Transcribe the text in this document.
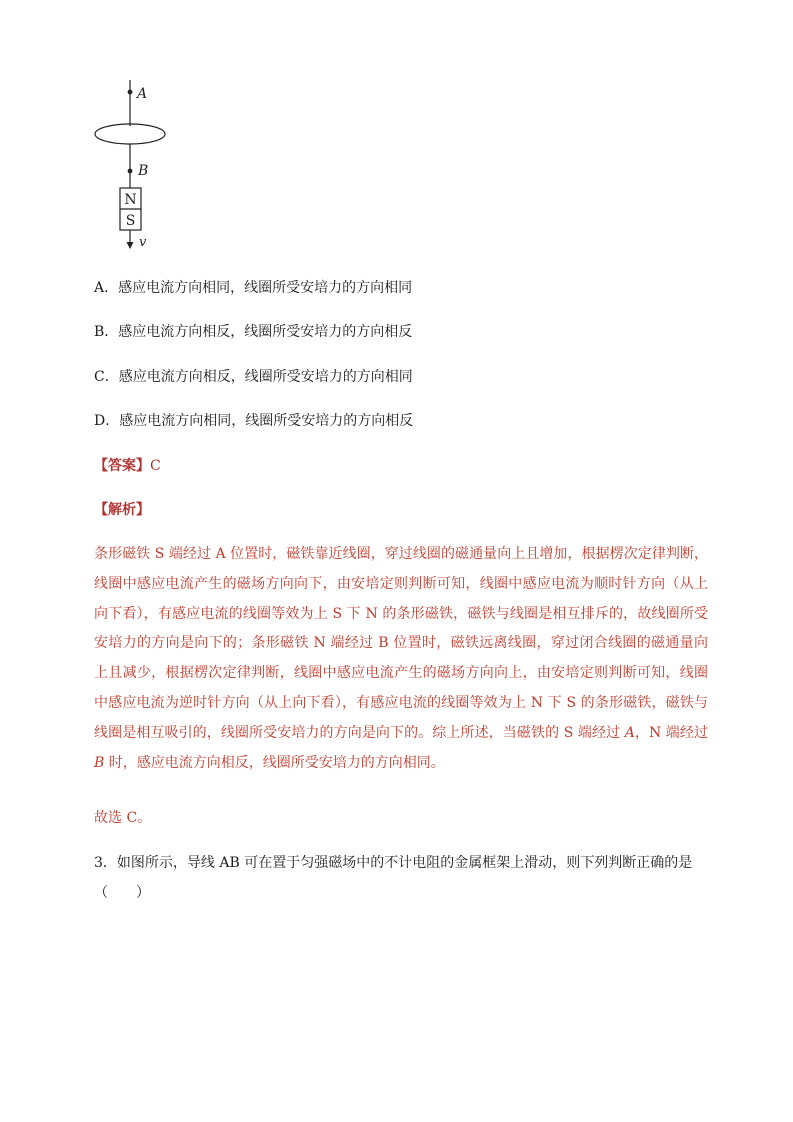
A
B
N
S
v
A．感应电流方向相同，线圈所受安培力的方向相同
B．感应电流方向相反，线圈所受安培力的方向相反
C．感应电流方向相反，线圈所受安培力的方向相同
D．感应电流方向相同，线圈所受安培力的方向相反
【答案】C
【解析】
条形磁铁 S 端经过 A 位置时，磁铁靠近线圈，穿过线圈的磁通量向上且增加，根据楞次定律判断，线圈中感应电流产生的磁场方向向下，由安培定则判断可知，线圈中感应电流为顺时针方向（从上向下看），有感应电流的线圈等效为上 S 下 N 的条形磁铁，磁铁与线圈是相互排斥的，故线圈所受安培力的方向是向下的；条形磁铁 N 端经过 B 位置时，磁铁远离线圈，穿过闭合线圈的磁通量向上且减少，根据楞次定律判断，线圈中感应电流产生的磁场方向向上，由安培定则判断可知，线圈中感应电流为逆时针方向（从上向下看），有感应电流的线圈等效为上 N 下 S 的条形磁铁，磁铁与线圈是相互吸引的，线圈所受安培力的方向是向下的。综上所述，当磁铁的 S 端经过 A，N 端经过 B 时，感应电流方向相反，线圈所受安培力的方向相同。
故选 C。
3．如图所示，导线 AB 可在置于匀强磁场中的不计电阻的金属框架上滑动，则下列判断正确的是（　　）
